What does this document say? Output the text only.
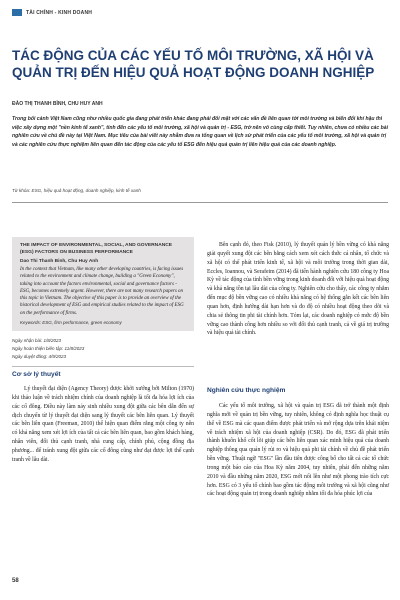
TÀI CHÍNH - KINH DOANH
TÁC ĐỘNG CỦA CÁC YẾU TỐ MÔI TRƯỜNG, XÃ HỘI VÀ QUẢN TRỊ ĐẾN HIỆU QUẢ HOẠT ĐỘNG DOANH NGHIỆP
ĐÀO THỊ THANH BÌNH, CHU HUY ANH

Trong bối cảnh Việt Nam cũng như nhiều quốc gia đang phát triển khác đang phải đối mặt với các vấn đề liên quan tới môi trường và biến đổi khí hậu thì việc xây dựng một "nền kinh tế xanh", tính đến các yếu tố môi trường, xã hội và quản trị - ESG, trở nên vô cùng cấp thiết. Tuy nhiên, chưa có nhiều các bài nghiên cứu về chủ đề này tại Việt Nam. Mục tiêu của bài viết này nhằm đưa ra tổng quan về lịch sử phát triển của các yếu tố môi trường, xã hội và quản trị và các nghiên cứu thực nghiệm liên quan đến tác động của các yếu tố ESG đến hiệu quả quản trị liên hiệu quả của các doanh nghiệp.

Từ khóa: ESG, hiệu quả hoạt động, doanh nghiệp, kinh tế xanh
THE IMPACT OF ENVIRONMENTAL, SOCIAL, AND GOVERNANCE (ESG) FACTORS ON BUSINESS PERFORMANCE
Dao Thi Thanh Binh, Chu Huy Anh
In the context that Vietnam, like many other developing countries, is facing issues related to the environment and climate change, building a "Green Economy", taking into account the factors environmental, social and governance factors - ESG, becomes extremely urgent. However, there are not many research papers on this topic in Vietnam. The objective of this paper is to provide an overview of the historical development of ESG and empirical studies related to the impact of ESG on the performance of firms.
Keywords: ESG, firm performance, green economy
Ngày nhận bài: 1/8/2023
Ngày hoàn thiện biên tập: 11/8/2023
Ngày duyệt đăng: 4/9/2023
Cơ sở lý thuyết

Lý thuyết đại diện (Agency Theory) được khởi xướng bởi Milton (1970) khi thảo luận về trách nhiệm chính của doanh nghiệp là tối đa hóa lợi ích của các cổ đông. Điều này làm nảy sinh nhiều xung đột giữa các bên dẫn đến sự dịch chuyển từ lý thuyết đại diện sang lý thuyết các bên liên quan. Lý thuyết các bên liên quan (Freeman, 2010) thể hiện quan điểm rằng một công ty nên có khả năng xem xét lợi ích của tất cả các bên liên quan, bao gồm khách hàng, nhân viên, đối thủ cạnh tranh, nhà cung cấp, chính phủ, cộng đồng địa phương... để tránh xung đột giữa các cổ đông cũng như đạt được lợi thế cạnh tranh về lâu dài.

Bên cạnh đó, theo Fisk (2010), lý thuyết quản lý bền vững có khả năng giải quyết xung đột các bên bằng cách xem xét cách thức cá nhân, tổ chức và xã hội có thể phát triển kinh tế, xã hội và môi trường trong thời gian dài, Eccles, Ioannou, và Serafeim (2014) đã tiến hành nghiên cứu 180 công ty Hoa Kỳ về tác động của tính bền vững trong kinh doanh đối với hiệu quả hoạt động và khả năng tồn tại lâu dài của công ty. Nghiên cứu cho thấy, các công ty nhằm đến mục độ bền vững cao có nhiều khả năng có hệ thống gắn kết các bên liên quan hơn, định hướng dài hạn hơn và đo độ có nhiều hoạt động theo dõi và chia sẻ thông tin phi tài chính hơn. Tóm lại, các doanh nghiệp có mức độ bền vững cao thành công hơn nhiều so với đối thủ cạnh tranh, cả về giá trị trường và hiệu quả tài chính.

Nghiên cứu thực nghiệm

Các yếu tố môi trường, xã hội và quản trị ESG đã trở thành một định nghĩa mới về quản trị bền vững, tuy nhiên, không có định nghĩa học thuật cụ thể về ESG mà các quan điểm được phát triển và mở rộng dựa trên khái niệm về trách nhiệm xã hội của doanh nghiệp (CSR). Do đó, ESG đã phát triển thành khuôn khổ cốt lõi giúp các bên liên quan xác minh hiệu quả của doanh nghiệp thông qua quản lý rủi ro và hiệu quả phi tài chính về chủ đề phát triển bền vững. Thuật ngữ "ESG" lần đầu tiên được công bố cho tất cả các tổ chức trong một báo cáo của Hoa Kỳ năm 2004, tuy nhiên, phải đến những năm 2010 và đầu những năm 2020, ESG mới nổi lên như một phong trào tích cực hơn. ESG có 3 yếu tố chính bao gồm tác động môi trường và xã hội cũng như các hoạt động quản trị trong doanh nghiệp nhằm tối đa hóa phúc lợi của

58
